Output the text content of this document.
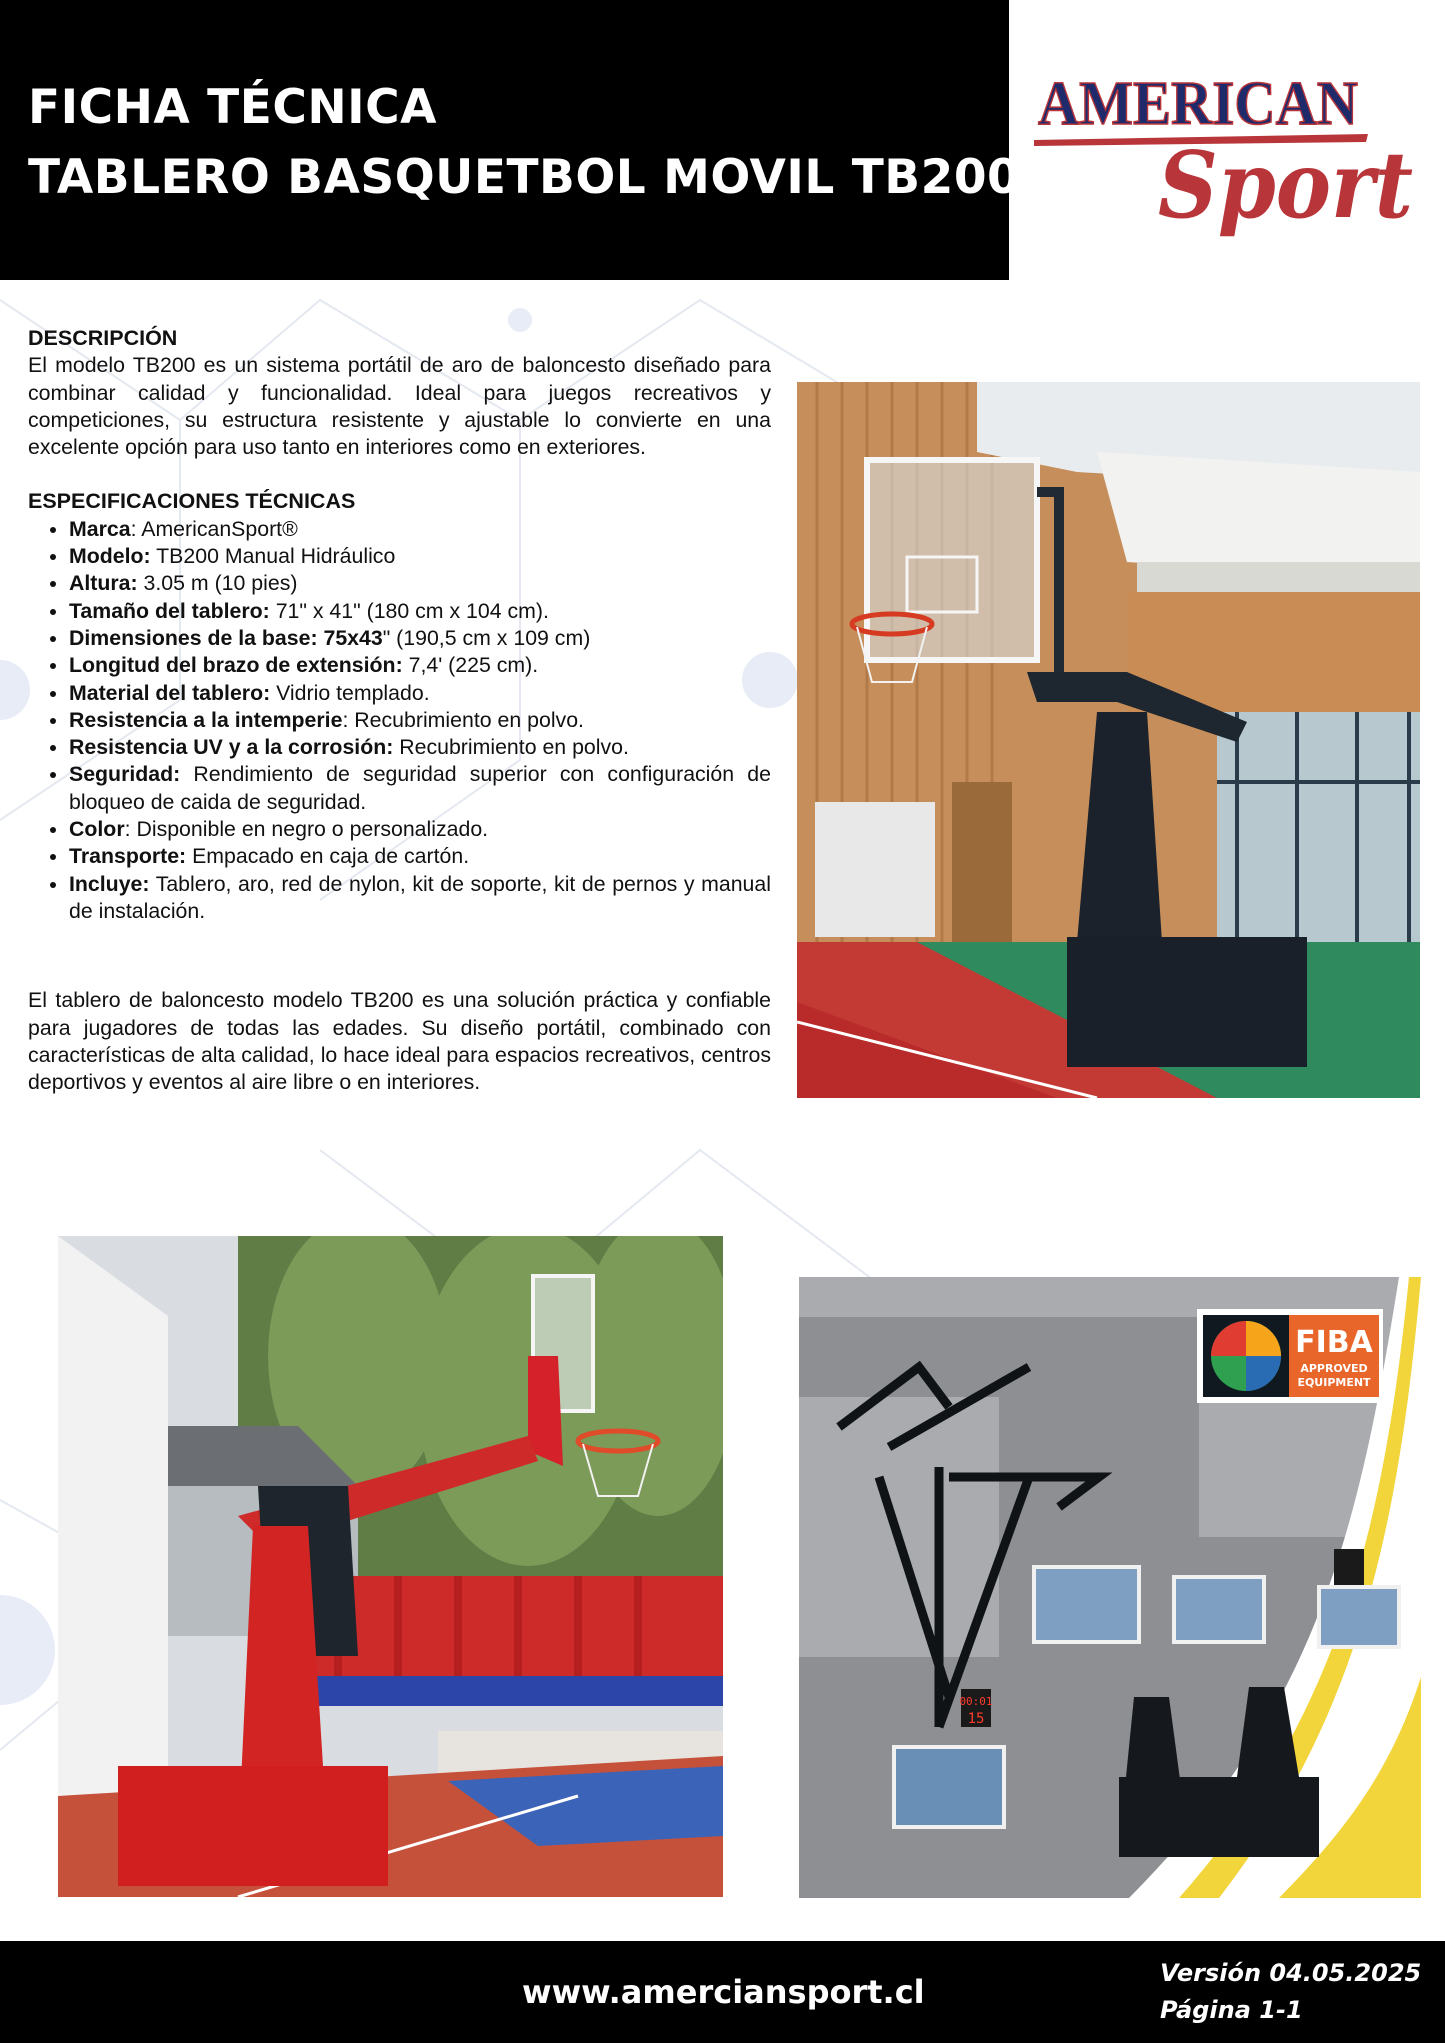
FICHA TÉCNICA
TABLERO BASQUETBOL MOVIL TB200
AMERICAN
Sport
DESCRIPCIÓN

El modelo TB200 es un sistema portátil de aro de baloncesto diseñado para combinar calidad y funcionalidad. Ideal para juegos recreativos y competiciones, su estructura resistente y ajustable lo convierte en una excelente opción para uso tanto en interiores como en exteriores.

ESPECIFICACIONES TÉCNICAS
• Marca: AmericanSport®
• Modelo: TB200 Manual Hidráulico
• Altura: 3.05 m (10 pies)
• Tamaño del tablero: 71" x 41" (180 cm x 104 cm).
• Dimensiones de la base: 75x43" (190,5 cm x 109 cm)
• Longitud del brazo de extensión: 7,4' (225 cm).
• Material del tablero: Vidrio templado.
• Resistencia a la intemperie: Recubrimiento en polvo.
• Resistencia UV y a la corrosión: Recubrimiento en polvo.
• Seguridad: Rendimiento de seguridad superior con configuración de bloqueo de caida de seguridad.
• Color: Disponible en negro o personalizado.
• Transporte: Empacado en caja de cartón.
• Incluye: Tablero, aro, red de nylon, kit de soporte, kit de pernos y manual de instalación.

El tablero de baloncesto modelo TB200 es una solución práctica y confiable para jugadores de todas las edades. Su diseño portátil, combinado con características de alta calidad, lo hace ideal para espacios recreativos, centros deportivos y eventos al aire libre o en interiores.

00:01
15
FIBA
APPROVED
EQUIPMENT
www.amerciansport.cl	Versión 04.05.2025
Página 1-1
